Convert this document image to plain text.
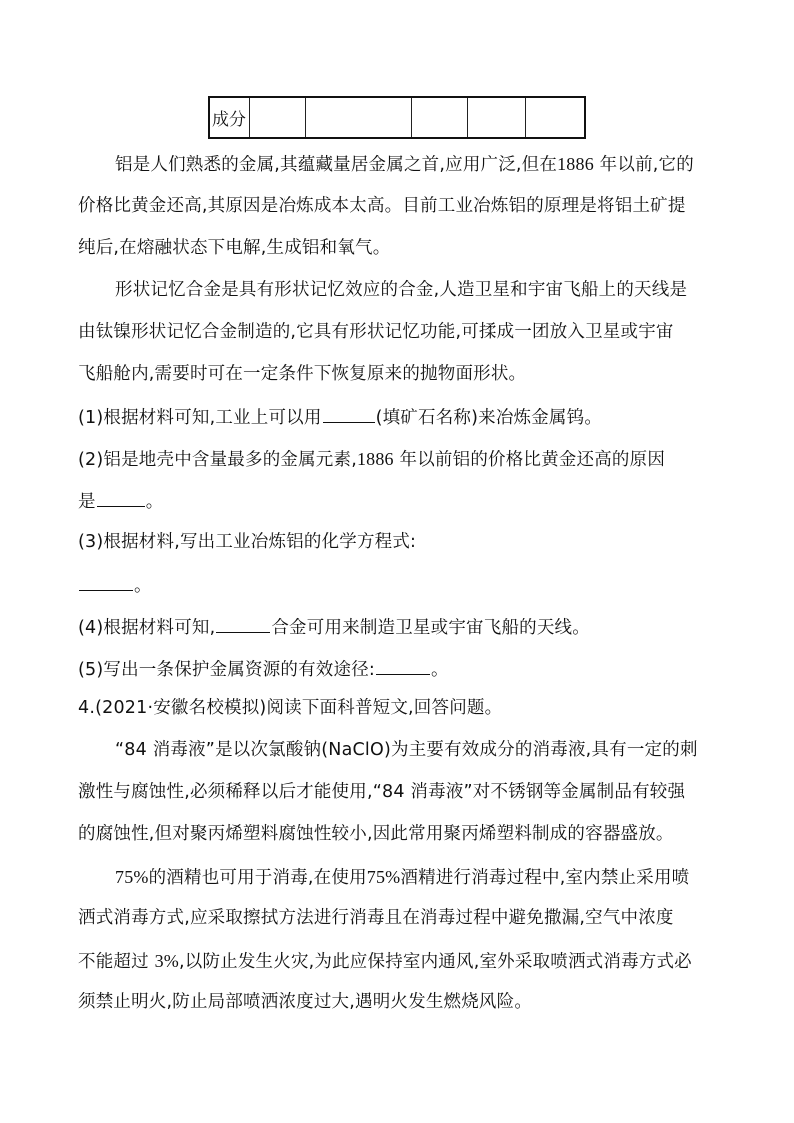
成分					
铝是人们熟悉的金属,其蕴藏量居金属之首,应用广泛,但在1886 年以前,它的
价格比黄金还高,其原因是冶炼成本太高。目前工业冶炼铝的原理是将铝土矿提
纯后,在熔融状态下电解,生成铝和氧气。
形状记忆合金是具有形状记忆效应的合金,人造卫星和宇宙飞船上的天线是
由钛镍形状记忆合金制造的,它具有形状记忆功能,可揉成一团放入卫星或宇宙
飞船舱内,需要时可在一定条件下恢复原来的抛物面形状。
(1)根据材料可知,工业上可以用	(填矿石名称)来冶炼金属钨。
(2)铝是地壳中含量最多的金属元素,1886 年以前铝的价格比黄金还高的原因
是	。
(3)根据材料,写出工业冶炼铝的化学方程式:
。
(4)根据材料可知,	合金可用来制造卫星或宇宙飞船的天线。
(5)写出一条保护金属资源的有效途径:	。
4.(2021·安徽名校模拟)阅读下面科普短文,回答问题。
“84 消毒液”是以次氯酸钠(NaClO)为主要有效成分的消毒液,具有一定的刺
激性与腐蚀性,必须稀释以后才能使用,“84 消毒液”对不锈钢等金属制品有较强
的腐蚀性,但对聚丙烯塑料腐蚀性较小,因此常用聚丙烯塑料制成的容器盛放。
75%的酒精也可用于消毒,在使用75%酒精进行消毒过程中,室内禁止采用喷
洒式消毒方式,应采取擦拭方法进行消毒且在消毒过程中避免撒漏,空气中浓度
不能超过 3%,以防止发生火灾,为此应保持室内通风,室外采取喷洒式消毒方式必
须禁止明火,防止局部喷洒浓度过大,遇明火发生燃烧风险。
